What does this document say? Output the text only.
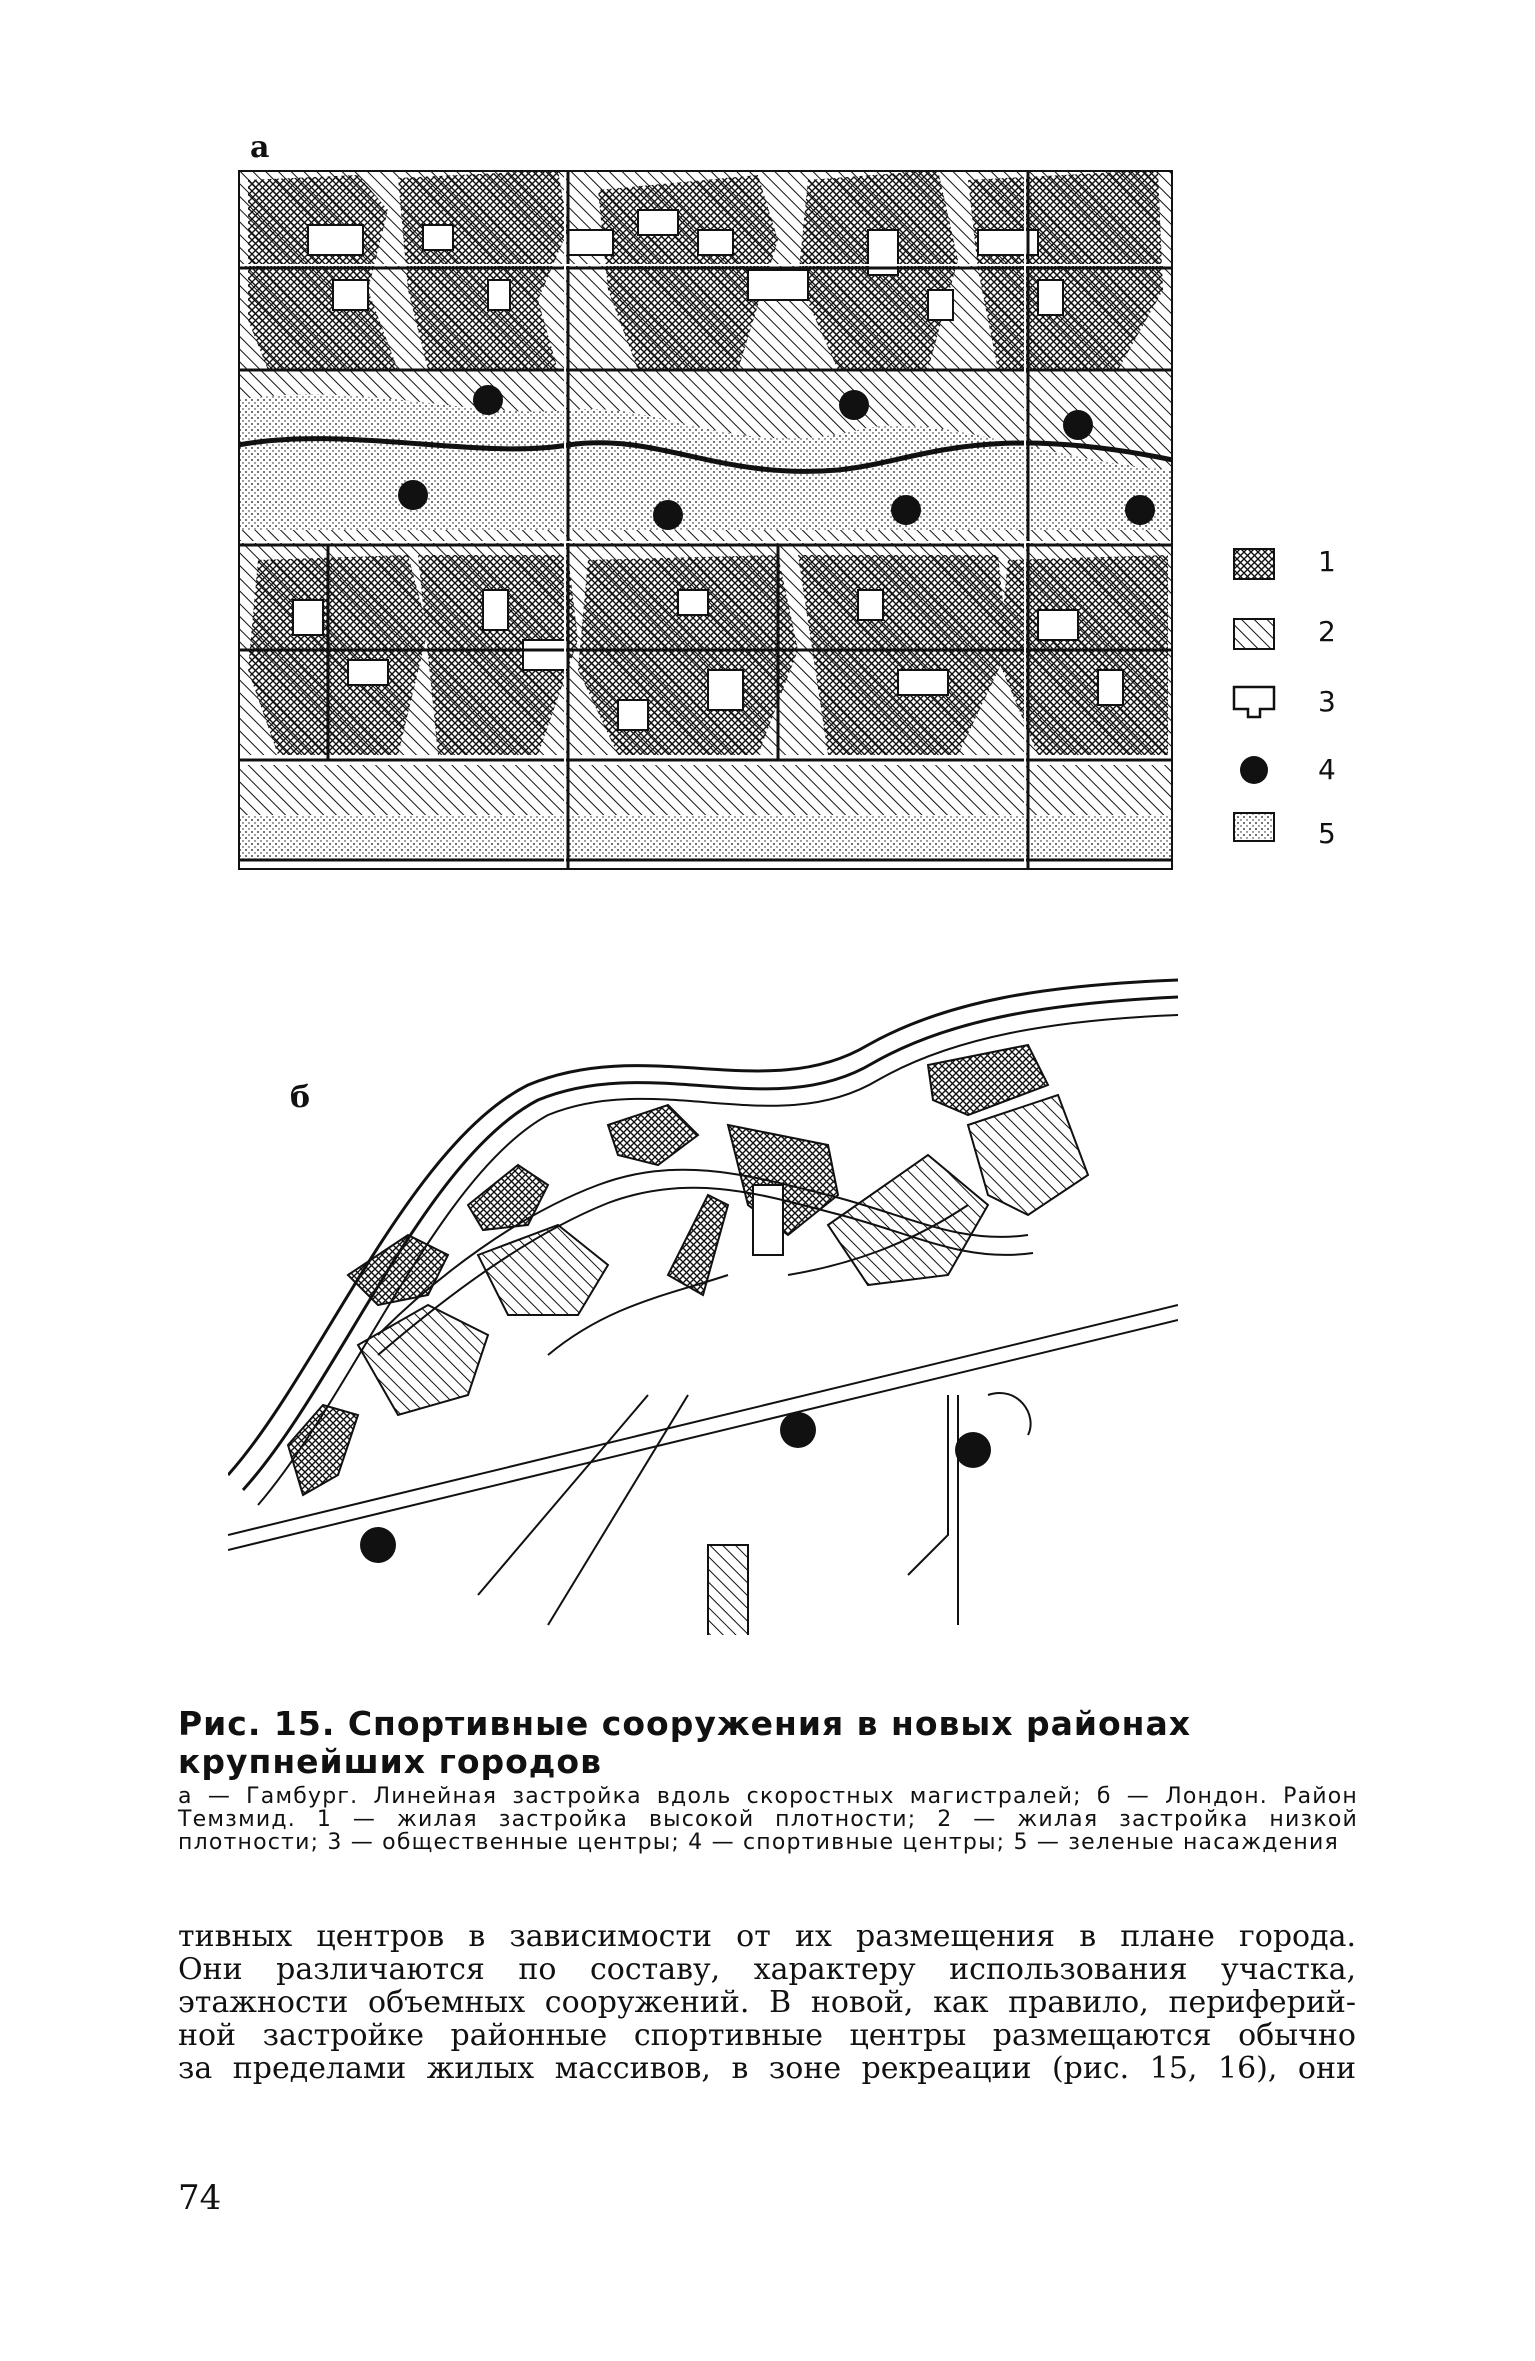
а
1
2
3
4
5
б
Рис. 15. Спортивные сооружения в новых районах крупнейших городов
а — Гамбург. Линейная застройка вдоль скоростных магистралей; б — Лондон. Район Темзмид. 1 — жилая застройка высокой плотности; 2 — жилая застройка низкой плотности; 3 — общественные центры; 4 — спортивные центры; 5 — зеленые насаждения
тивных центров в зависимости от их размещения в плане города.
Они различаются по составу, характеру использования участка,
этажности объемных сооружений. В новой, как правило, периферий-
ной застройке районные спортивные центры размещаются обычно
за пределами жилых массивов, в зоне рекреации (рис. 15, 16), они
74
